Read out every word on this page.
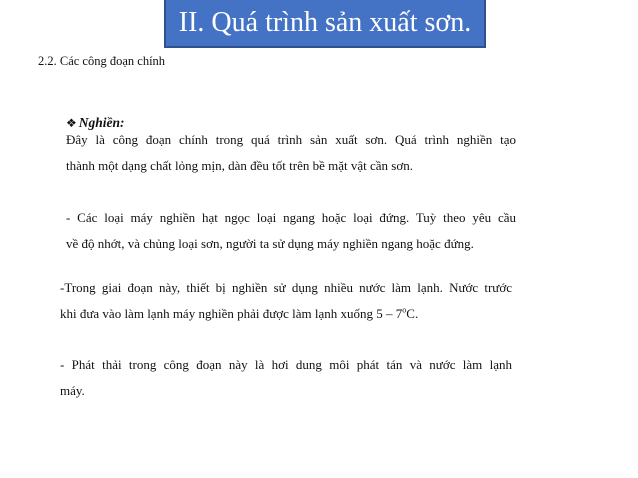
II. Quá trình sản xuất sơn.
2.2. Các công đoạn chính
❖ Nghiền:
Đây là công đoạn chính trong quá trình sản xuất sơn. Quá trình nghiền tạo
thành một dạng chất lỏng mịn, dàn đều tốt trên bề mặt vật cần sơn.
- Các loại máy nghiền hạt ngọc loại ngang hoặc loại đứng. Tuỳ theo yêu cầu
về độ nhớt, và chủng loại sơn, người ta sử dụng máy nghiền ngang hoặc đứng.
-Trong giai đoạn này, thiết bị nghiền sử dụng nhiều nước làm lạnh. Nước trước
khi đưa vào làm lạnh máy nghiền phải được làm lạnh xuống 5 – 7$^o$C.
- Phát thải trong công đoạn này là hơi dung môi phát tán và nước làm lạnh
máy.
